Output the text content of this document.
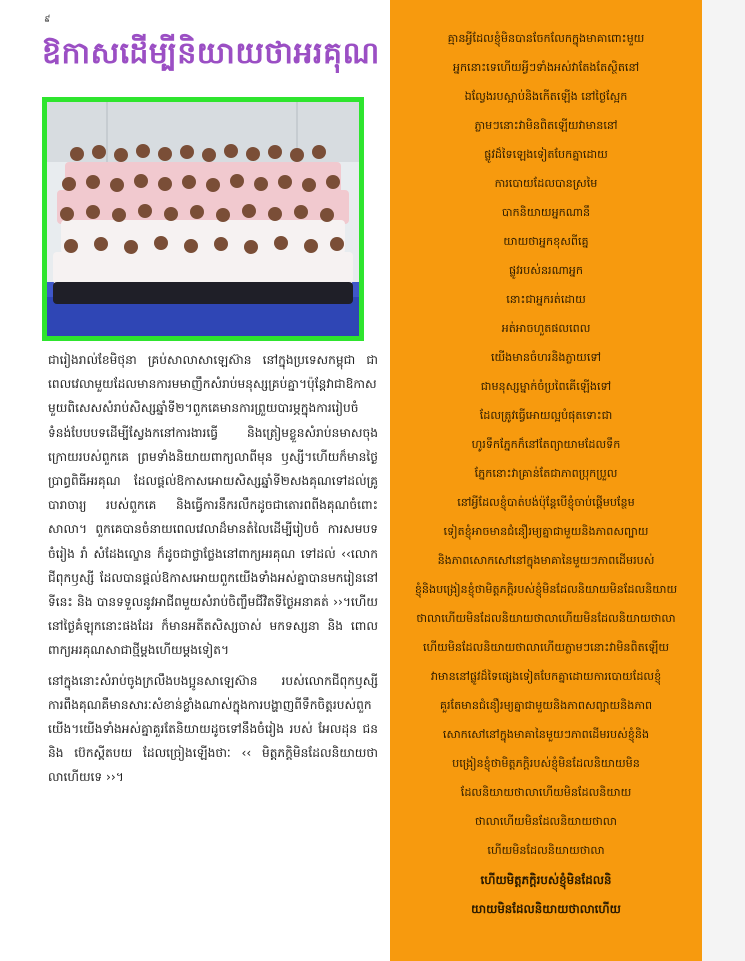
៩
ឱកាសដើម្បីនិយាយថាអរគុណ

ជារៀងរាល់ខែមិថុនា គ្រប់សាលាសាឡេស៊ាន នៅក្នុងប្រទេសកម្ពុជា ជាពេលវេលាមួយដែលមានការមមាញឹកសំរាប់មនុស្សគ្រប់គ្នា។ប៉ុន្តែវាជាឱកាសមួយពិសេសសំរាប់សិស្សឆ្នាំទី២។ពួកគេមានការព្រួយបារម្ភក្នុងការរៀបចំទំនង់បែបបទដើម្បីស្វែងកនៅការងារធ្វើ និងត្រៀមខ្លួនសំរាប់នមាសចុងក្រោយរបស់ពួកគេ ព្រមទាំងនិយាយពាក្យលាពីមុន ឫស្សី។ហើយក៏មានថ្ងៃប្រាព្ធពិធីអរគុណ ដែលផ្តល់ឱកាសអោយសិស្សឆ្នាំទី២សងគុណទៅដល់គ្រូបារាចារ្យ របស់ពួកគេ និងធ្វើការនឹករលឹកដូចជាតោរពពីងគុណចំពោះសាលា។ ពួកគេបានចំនាយពេលវេលាដ៏មានតំលៃដើម្បីរៀបចំ ការសមបទចំរៀង រាំ សំដែងល្ខោន ក៏ដូចជាថ្លាថ្លែងនៅពាក្យអរគុណ ទៅដល់ ‹‹លោកជីពុកឫស្សី ដែលបានផ្តល់ឱកាសអោយពួកយើងទាំងអស់គ្នាបានមករៀននៅទីនេះ និង បានទទួលនូវអាជីពមួយសំរាប់ចិញ្ចឹមជីវិតទីថ្ងៃអនាគត់ ››។ហើយនៅថ្ងៃគំឡុកនោះផងដែរ ក៏មានអតីតសិស្សចាស់ មកទស្សនា និង ពោលពាក្យអរគុណសាជាថ្មីម្តងហើយម្តងទៀត។

នៅក្នុងនោះសំរាប់ចូងក្រលឹងបងប្អូនសាឡេស៊ាន របស់លោកជីពុកឫស្សី ការពឹងគុណគឺមានសារៈសំខាន់ខ្លាំងណាស់ក្នុងការបង្ហាញពីទឹកចិត្តរបស់ពួកយើង។យើងទាំងអស់គ្នាគួរតែនិយាយដូចទៅនឹងចំរៀង របស់ អែលដុន ជន និង ប៊េកស្តីតបយ ដែលច្រៀងឡើងថាៈ ‹‹ មិត្តភក្តិមិនដែលនិយាយថាលាហើយទេ ››។

គ្មានអ្វីដែលខ្ញុំមិនបានចែកលែកក្នុងមាគាពោះមួយ
អ្នកនោះទេហើយអ្វីៗទាំងអស់វាតែងតែស្ថិតនៅ
ឯល្វែងរបស្អាប់និងកើតឡើង នៅថ្ងៃស្អែក
ភ្លាមៗនោះវាមិនពិតឡើយវាមាននៅ
ផ្លូវដ៏ទៃឡេងទៀតបែកគ្នាដោយ
ការបោយដែលបានស្រមៃ
បាកនិយាយអ្នកណានឹ
យាយថាអ្នកខុសពីគ្នេ
ផ្លូវរបស់នរណាអ្នក
នោះជាអ្នករត់ដោយ
អត់អាចហួតផលពេល
យើងមានចំហរនិងភ្លាយទៅ
ជាមនុស្សម្នាក់ចំប្រពៃគើឡើងទៅ
ដែលត្រូវធ្វើអោយល្អបំផុតទោះជា
ហូរទឹកភ្នែកក៏នៅតែព្យាយាមដែលទឹក
ភ្នែកនោះវាគ្រាន់តែជាភាពប្រុកប្រួល
នៅអ្វីដែលខ្ញុំបាត់បង់ប៉ុន្តែបើខ្ញុំចាប់ផ្តើមបន្ថែម
ទៀតខ្ញុំអាចមានជំនឿរម្យគ្នាជាមួយនិងភាពសព្បាយ
និងភាពសោកសៅនៅក្នុងមាគានៃមួយៗភាពដើមរបស់
ខ្ញុំនិងបង្រៀនខ្ញុំថាមិត្តភក្តិរបស់ខ្ញុំមិនដែលនិយាយមិនដែលនិយាយ
ថាលាហើយមិនដែលនិយាយថាលាហើយមិនដែលនិយាយថាលា
ហើយមិនដែលនិយាយថាលាហើយភ្លាមៗនោះវាមិនពិតឡើយ
វាមាននៅផ្លូវដ៏ទៃផ្សេងទៀតបែកគ្នាដោយការបោយដែលខ្ញុំ
គួរតែមានជំនឿរម្យគ្នាជាមួយនិងភាពសព្បាយនិងភាព
សោកសៅនៅក្នុងមាគានៃមួយៗភាពដើមរបស់ខ្ញុំនិង
បង្រៀនខ្ញុំថាមិត្តភក្តិរបស់ខ្ញុំមិនដែលនិយាយមិន
ដែលនិយាយថាលាហើយមិនដែលនិយាយ
ថាលាហើយមិនដែលនិយាយថាលា
ហើយមិនដែលនិយាយថាលា
ហើយមិត្តភក្តិរបស់ខ្ញុំមិនដែលនិ
យាយមិនដែលនិយាយថាលាហើយ
